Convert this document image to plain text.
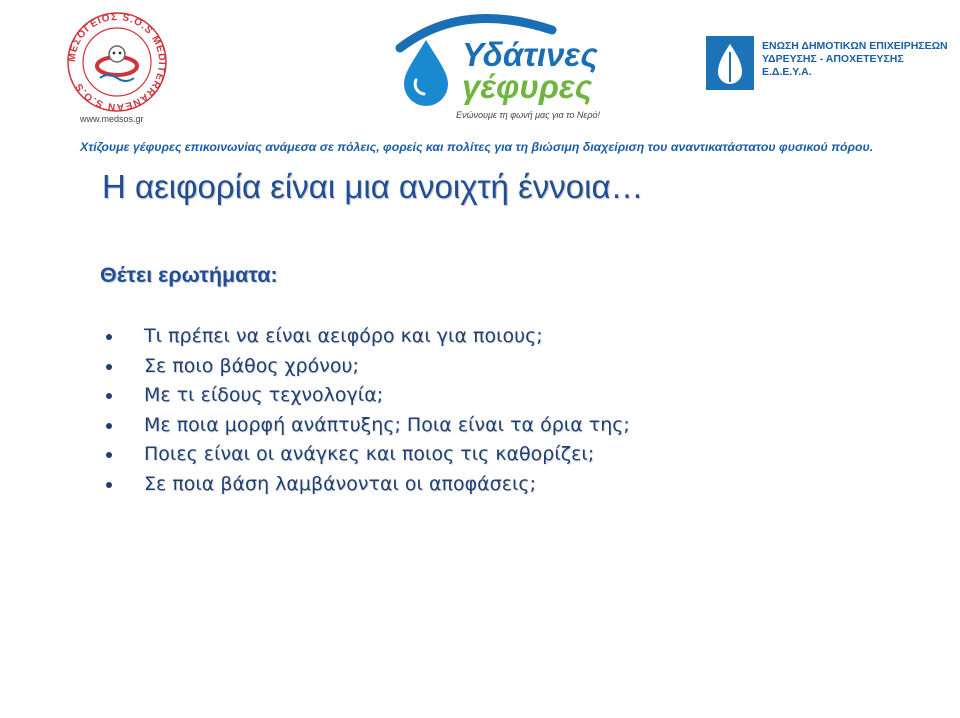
ΜΕΣΟΓΕΙΟΣ S.O.S MEDITERRANEAN S.O.S
www.medsos.gr
Υδάτινες
γέφυρες
Ενώνουμε τη φωνή μας για το Νερό!
ΕΝΩΣΗ ΔΗΜΟΤΙΚΩΝ ΕΠΙΧΕΙΡΗΣΕΩΝ
ΥΔΡΕΥΣΗΣ - ΑΠΟΧΕΤΕΥΣΗΣ
Ε.Δ.Ε.Υ.Α.
Χτίζουμε γέφυρες επικοινωνίας ανάμεσα σε πόλεις, φορείς και πολίτες για τη βιώσιμη διαχείριση του αναντικατάστατου φυσικού πόρου.
Η αειφορία είναι μια ανοιχτή έννοια…
Θέτει ερωτήματα:
Τι πρέπει να είναι αειφόρο και για ποιους;
Σε ποιο βάθος χρόνου;
Με τι είδους τεχνολογία;
Με ποια μορφή ανάπτυξης; Ποια είναι τα όρια της;
Ποιες είναι οι ανάγκες και ποιος τις καθορίζει;
Σε ποια βάση λαμβάνονται οι αποφάσεις;
